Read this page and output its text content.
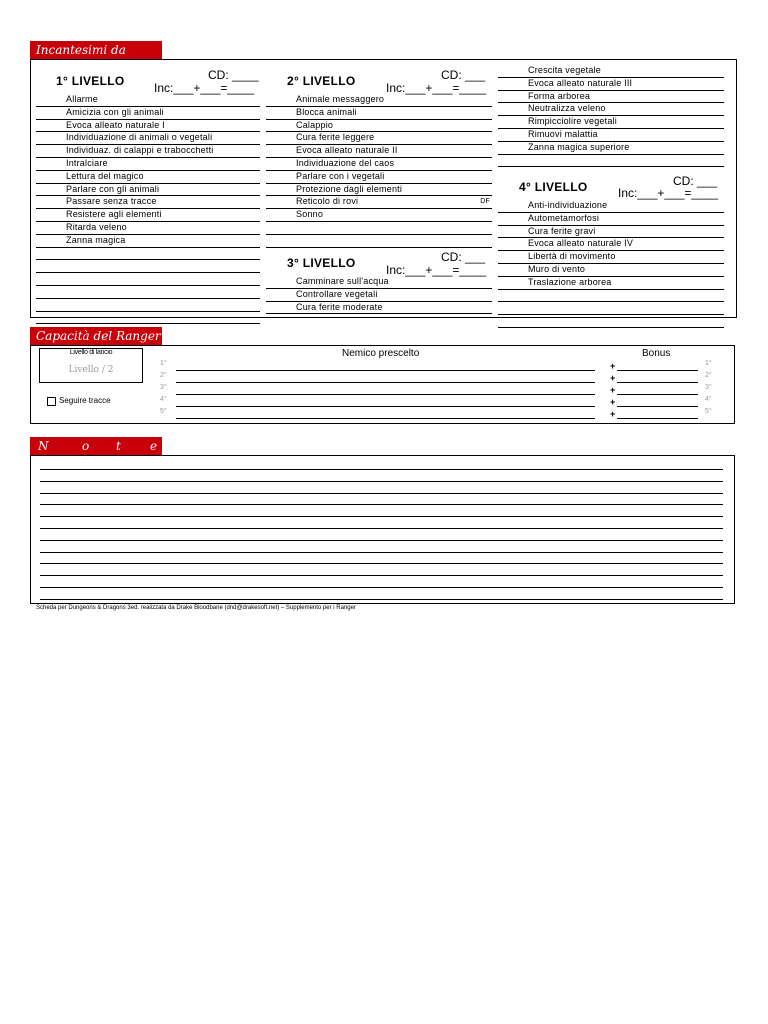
Incantesimi da Ranger
1° LIVELLO	CD: ____
Inc:___+___=____
Allarme
Amicizia con gli animali
Evoca alleato naturale I
Individuazione di animali o vegetali
Individuaz. di calappi e trabocchetti
Intralciare
Lettura del magico
Parlare con gli animali
Passare senza tracce
Resistere agli elementi
Ritarda veleno
Zanna magica
2° LIVELLO	CD: ___
Inc:___+___=____
Animale messaggero
Blocca animali
Calappio
Cura ferite leggere
Evoca alleato naturale II
Individuazione del caos
Parlare con i vegetali
Protezione dagli elementi
Reticolo di rovi	DF
Sonno
3° LIVELLO	CD: ___
Inc:___+___=____
Camminare sull'acqua
Controllare vegetali
Cura ferite moderate
Crescita vegetale
Evoca alleato naturale III
Forma arborea
Neutralizza veleno
Rimpicciolire vegetali
Rimuovi malattia
Zanna magica superiore
4° LIVELLO	CD: ___
Inc:___+___=____
Anti-individuazione
Autometamorfosi
Cura ferite gravi
Evoca alleato naturale IV
Libertà di movimento
Muro di vento
Traslazione arborea
Capacità del Ranger
Livello di lancio
Livello / 2
Seguire tracce
Nemico prescelto	Bonus
1°	+	1°
2°	+	2°
3°	+	3°
4°	+	4°
5°	+	5°
N	o t e
Scheda per Dungeons & Dragons 3ed. realizzata da Drake Bloodbane (dnd@drakesoft.net) – Supplemento per i Ranger
